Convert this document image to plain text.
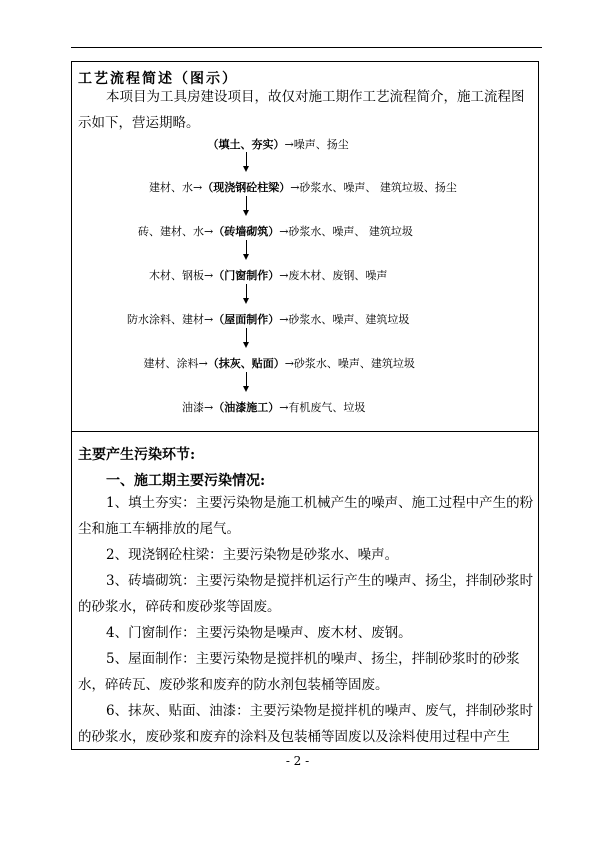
工艺流程简述（图示）
本项目为工具房建设项目，故仅对施工期作工艺流程简介，施工流程图示如下，营运期略。
（填土、夯实）→噪声、扬尘
建材、水→（现浇钢砼柱梁）→砂浆水、噪声、 建筑垃圾、扬尘
砖、建材、水→（砖墙砌筑）→砂浆水、噪声、 建筑垃圾
木材、钢板→（门窗制作）→废木材、废钢、噪声
防水涂料、建材→（屋面制作）→砂浆水、噪声、建筑垃圾
建材、涂料→（抹灰、贴面）→砂浆水、噪声、建筑垃圾
油漆→（油漆施工）→有机废气、垃圾
主要产生污染环节:
一、施工期主要污染情况:
1、填土夯实：主要污染物是施工机械产生的噪声、施工过程中产生的粉尘和施工车辆排放的尾气。
2、现浇钢砼柱梁：主要污染物是砂浆水、噪声。
3、砖墙砌筑：主要污染物是搅拌机运行产生的噪声、扬尘，拌制砂浆时的砂浆水，碎砖和废砂浆等固废。
4、门窗制作：主要污染物是噪声、废木材、废钢。
5、屋面制作：主要污染物是搅拌机的噪声、扬尘，拌制砂浆时的砂浆水，碎砖瓦、废砂浆和废弃的防水剂包装桶等固废。
6、抹灰、贴面、油漆：主要污染物是搅拌机的噪声、废气，拌制砂浆时的砂浆水，废砂浆和废弃的涂料及包装桶等固废以及涂料使用过程中产生
- 2 -
